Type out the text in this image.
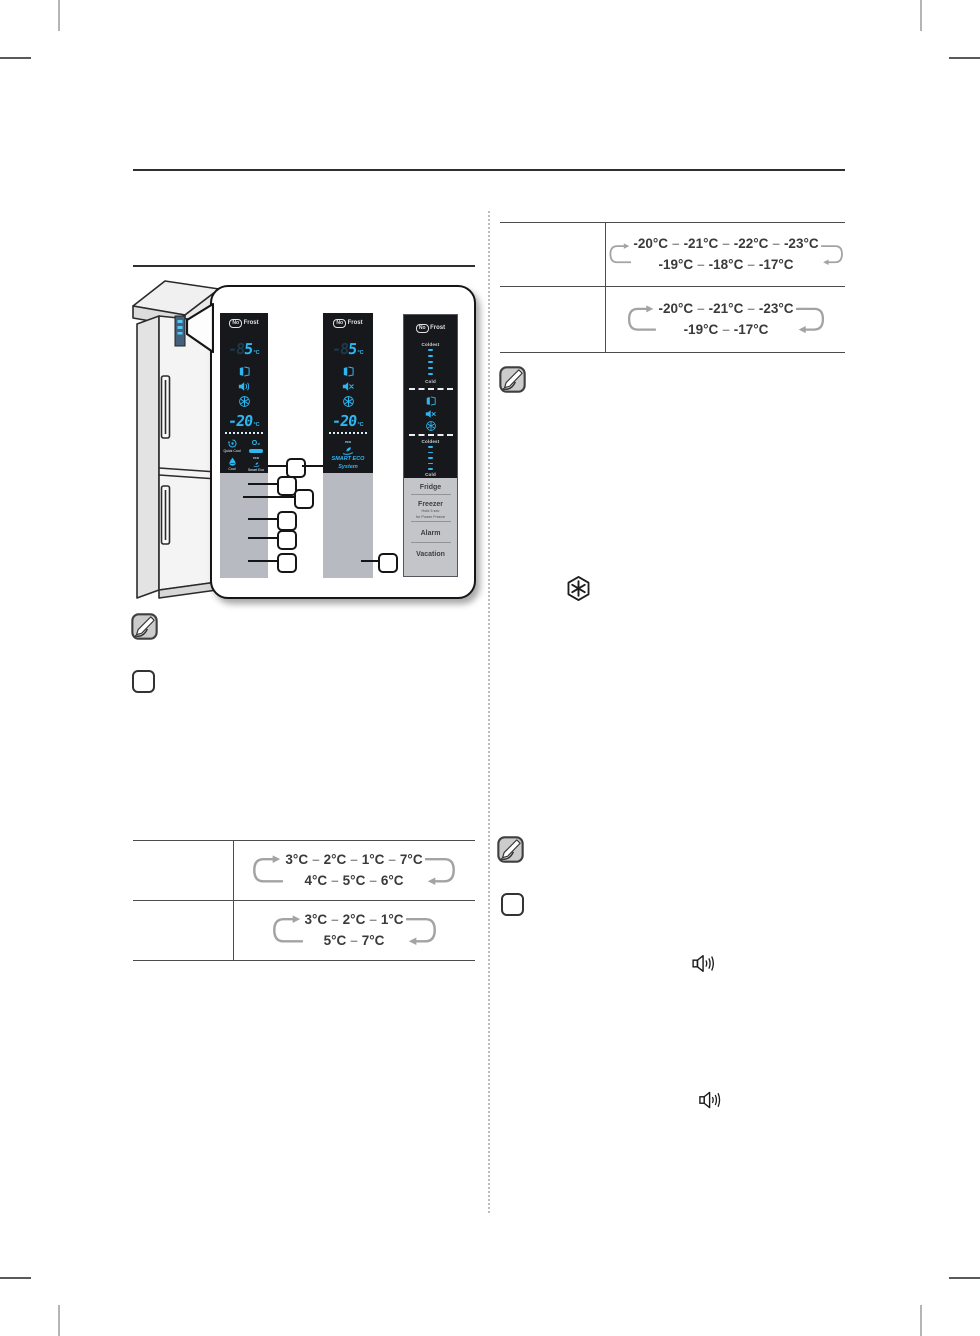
No Frost
-85 °C
-20 °C
Quick Cool
O₂
Cool
eco
Smart Eco
No Frost
-85 °C
-20 °C
eco
SMART ECO
System
No Frost
Coldest
Cold
Coldest
Cold
Fridge
Freezer
Hold 3 sec
for Power Freeze
Alarm
Vacation
3°C – 2°C – 1°C – 7°C
4°C – 5°C – 6°C
3°C – 2°C – 1°C
5°C – 7°C
-20°C – -21°C – -22°C – -23°C
-19°C – -18°C – -17°C
-20°C – -21°C – -23°C
-19°C – -17°C
